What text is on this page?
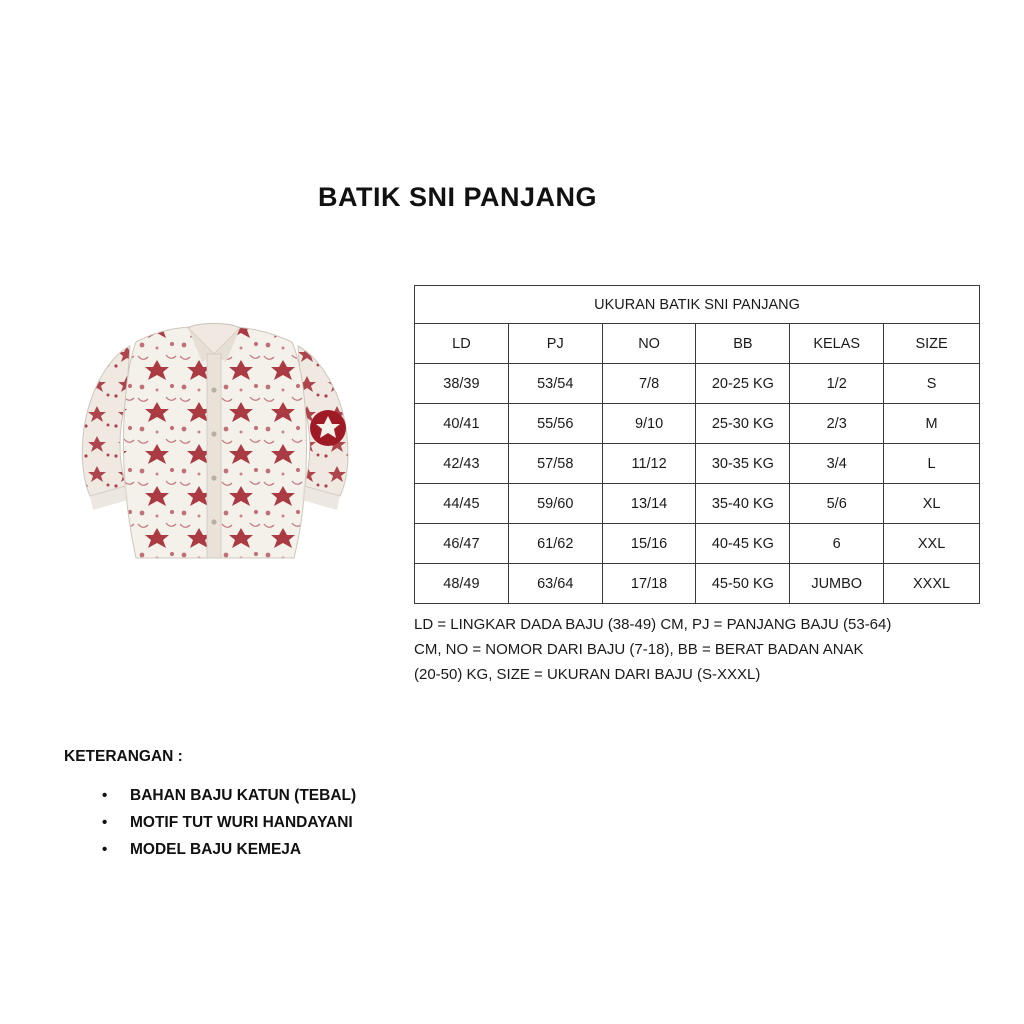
BATIK SNI PANJANG
UKURAN BATIK SNI PANJANG					
LD	PJ	NO	BB	KELAS	SIZE
38/39	53/54	7/8	20-25 KG	1/2	S
40/41	55/56	9/10	25-30 KG	2/3	M
42/43	57/58	11/12	30-35 KG	3/4	L
44/45	59/60	13/14	35-40 KG	5/6	XL
46/47	61/62	15/16	40-45 KG	6	XXL
48/49	63/64	17/18	45-50 KG	JUMBO	XXXL
LD = LINGKAR DADA BAJU (38-49) CM, PJ = PANJANG BAJU (53-64) CM, NO = NOMOR DARI BAJU (7-18), BB = BERAT BADAN ANAK (20-50) KG, SIZE = UKURAN DARI BAJU (S-XXXL)
KETERANGAN :
• BAHAN BAJU KATUN (TEBAL)
• MOTIF TUT WURI HANDAYANI
• MODEL BAJU KEMEJA
